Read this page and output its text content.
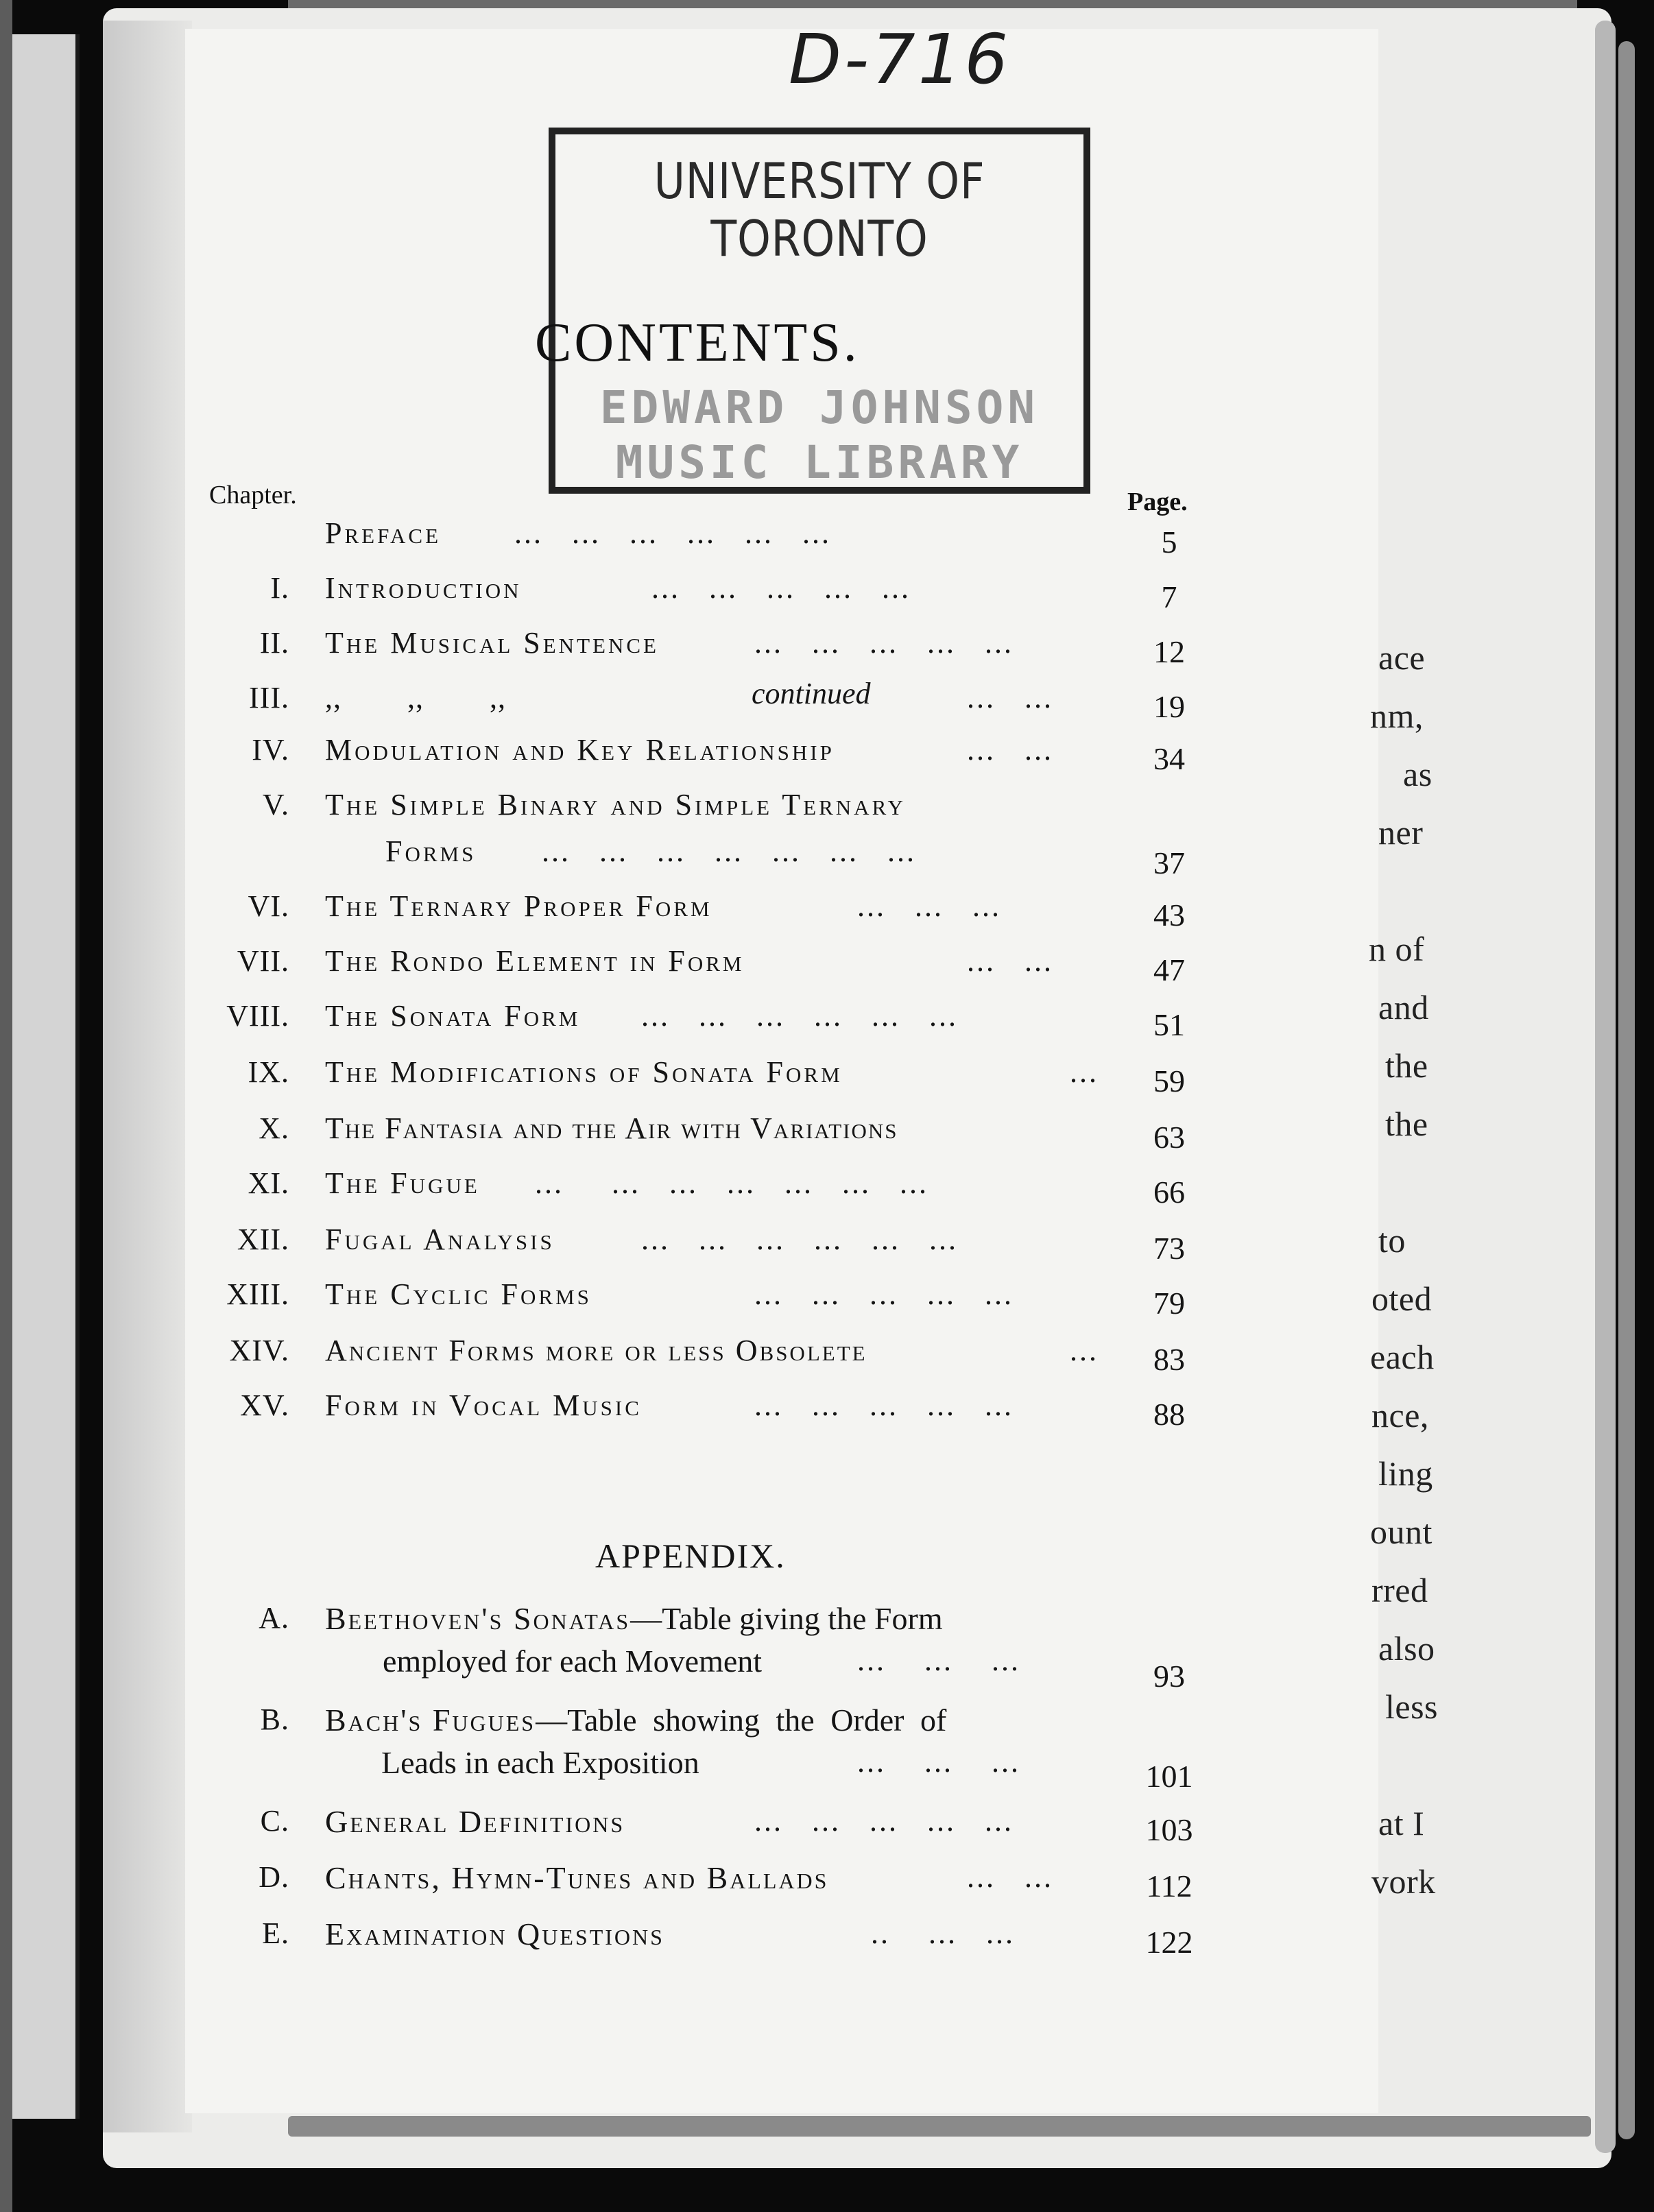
ace
nm,
as
ner
n of
and
the
the
to
oted
each
nce,
ling
ount
rred
also
less
at I
vork
D-716
UNIVERSITY OF TORONTO
EDWARD JOHNSON
MUSIC LIBRARY
CONTENTS.
Chapter.	Page.
Preface ...   ...   ...   ...   ...   ...	5
I. Introduction	...   ...   ...   ...   ...	7
II. The Musical Sentence	...   ...   ...   ...   ...	12
III. ,,        ,,        ,,	continued	...   ...	19
IV. Modulation and Key Relationship	...   ...	34
V. The Simple Binary and Simple Ternary
Forms ...   ...   ...   ...   ...   ...   ...	37
VI. The Ternary Proper Form	...   ...   ...	43
VII. The Rondo Element in Form	...   ...	47
VIII. The Sonata Form ...   ...   ...   ...   ...   ...	51
IX. The Modifications of Sonata Form	...	59
X. The Fantasia and the Air with Variations	63
XI. The Fugue ...     ...   ...   ...   ...   ...   ...	66
XII. Fugal Analysis	...   ...   ...   ...   ...   ...	73
XIII. The Cyclic Forms	...   ...   ...   ...   ...	79
XIV. Ancient Forms more or less Obsolete	...	83
XV. Form in Vocal Music	...   ...   ...   ...   ...	88
APPENDIX.
A. Beethoven's Sonatas—Table giving the Form
employed for each Movement	...    ...    ...	93
B. Bach's Fugues—Table showing the Order of
Leads in each Exposition	...    ...    ...	101
C. General Definitions	...   ...   ...   ...   ...	103
D. Chants, Hymn-Tunes and Ballads	...   ...	112
E. Examination Questions	..    ...   ...	122
